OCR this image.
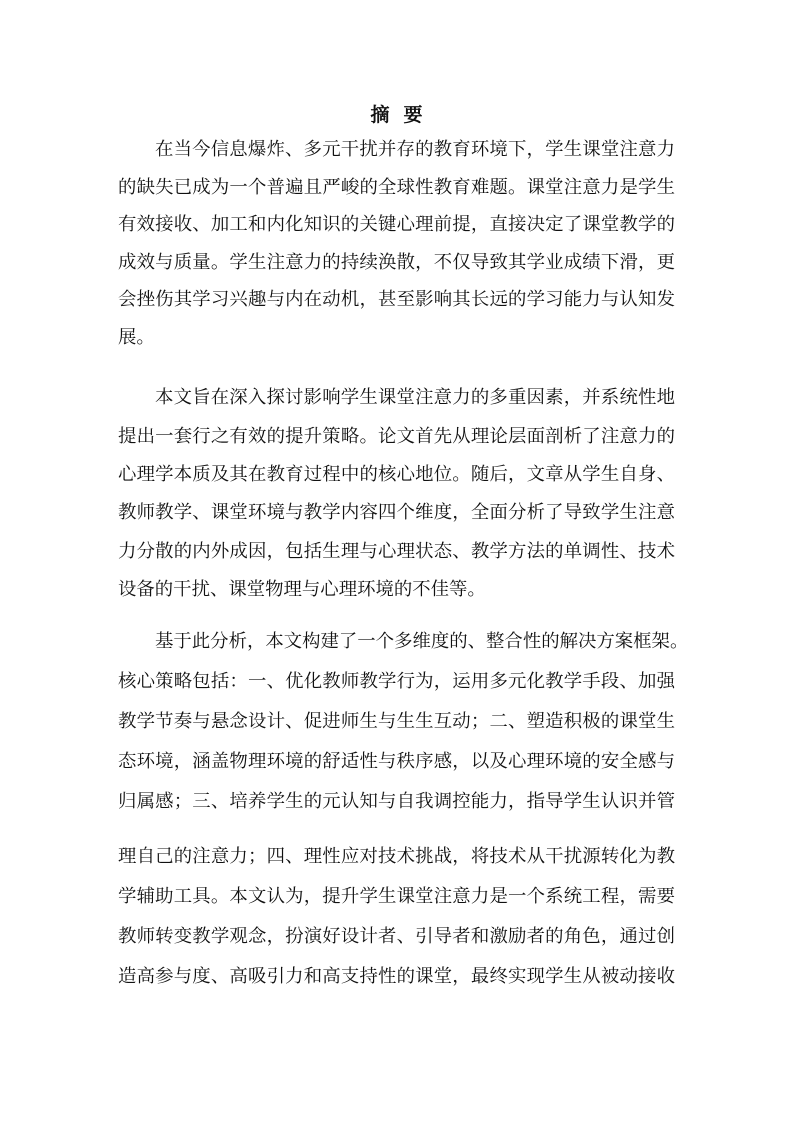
摘要
在当今信息爆炸、多元干扰并存的教育环境下，学生课堂注意力
的缺失已成为一个普遍且严峻的全球性教育难题。课堂注意力是学生
有效接收、加工和内化知识的关键心理前提，直接决定了课堂教学的
成效与质量。学生注意力的持续涣散，不仅导致其学业成绩下滑，更
会挫伤其学习兴趣与内在动机，甚至影响其长远的学习能力与认知发
展。
本文旨在深入探讨影响学生课堂注意力的多重因素，并系统性地
提出一套行之有效的提升策略。论文首先从理论层面剖析了注意力的
心理学本质及其在教育过程中的核心地位。随后，文章从学生自身、
教师教学、课堂环境与教学内容四个维度，全面分析了导致学生注意
力分散的内外成因，包括生理与心理状态、教学方法的单调性、技术
设备的干扰、课堂物理与心理环境的不佳等。
基于此分析，本文构建了一个多维度的、整合性的解决方案框架。
核心策略包括：一、优化教师教学行为，运用多元化教学手段、加强
教学节奏与悬念设计、促进师生与生生互动；二、塑造积极的课堂生
态环境，涵盖物理环境的舒适性与秩序感，以及心理环境的安全感与
归属感；三、培养学生的元认知与自我调控能力，指导学生认识并管
理自己的注意力；四、理性应对技术挑战，将技术从干扰源转化为教
学辅助工具。本文认为，提升学生课堂注意力是一个系统工程，需要
教师转变教学观念，扮演好设计者、引导者和激励者的角色，通过创
造高参与度、高吸引力和高支持性的课堂，最终实现学生从被动接收
